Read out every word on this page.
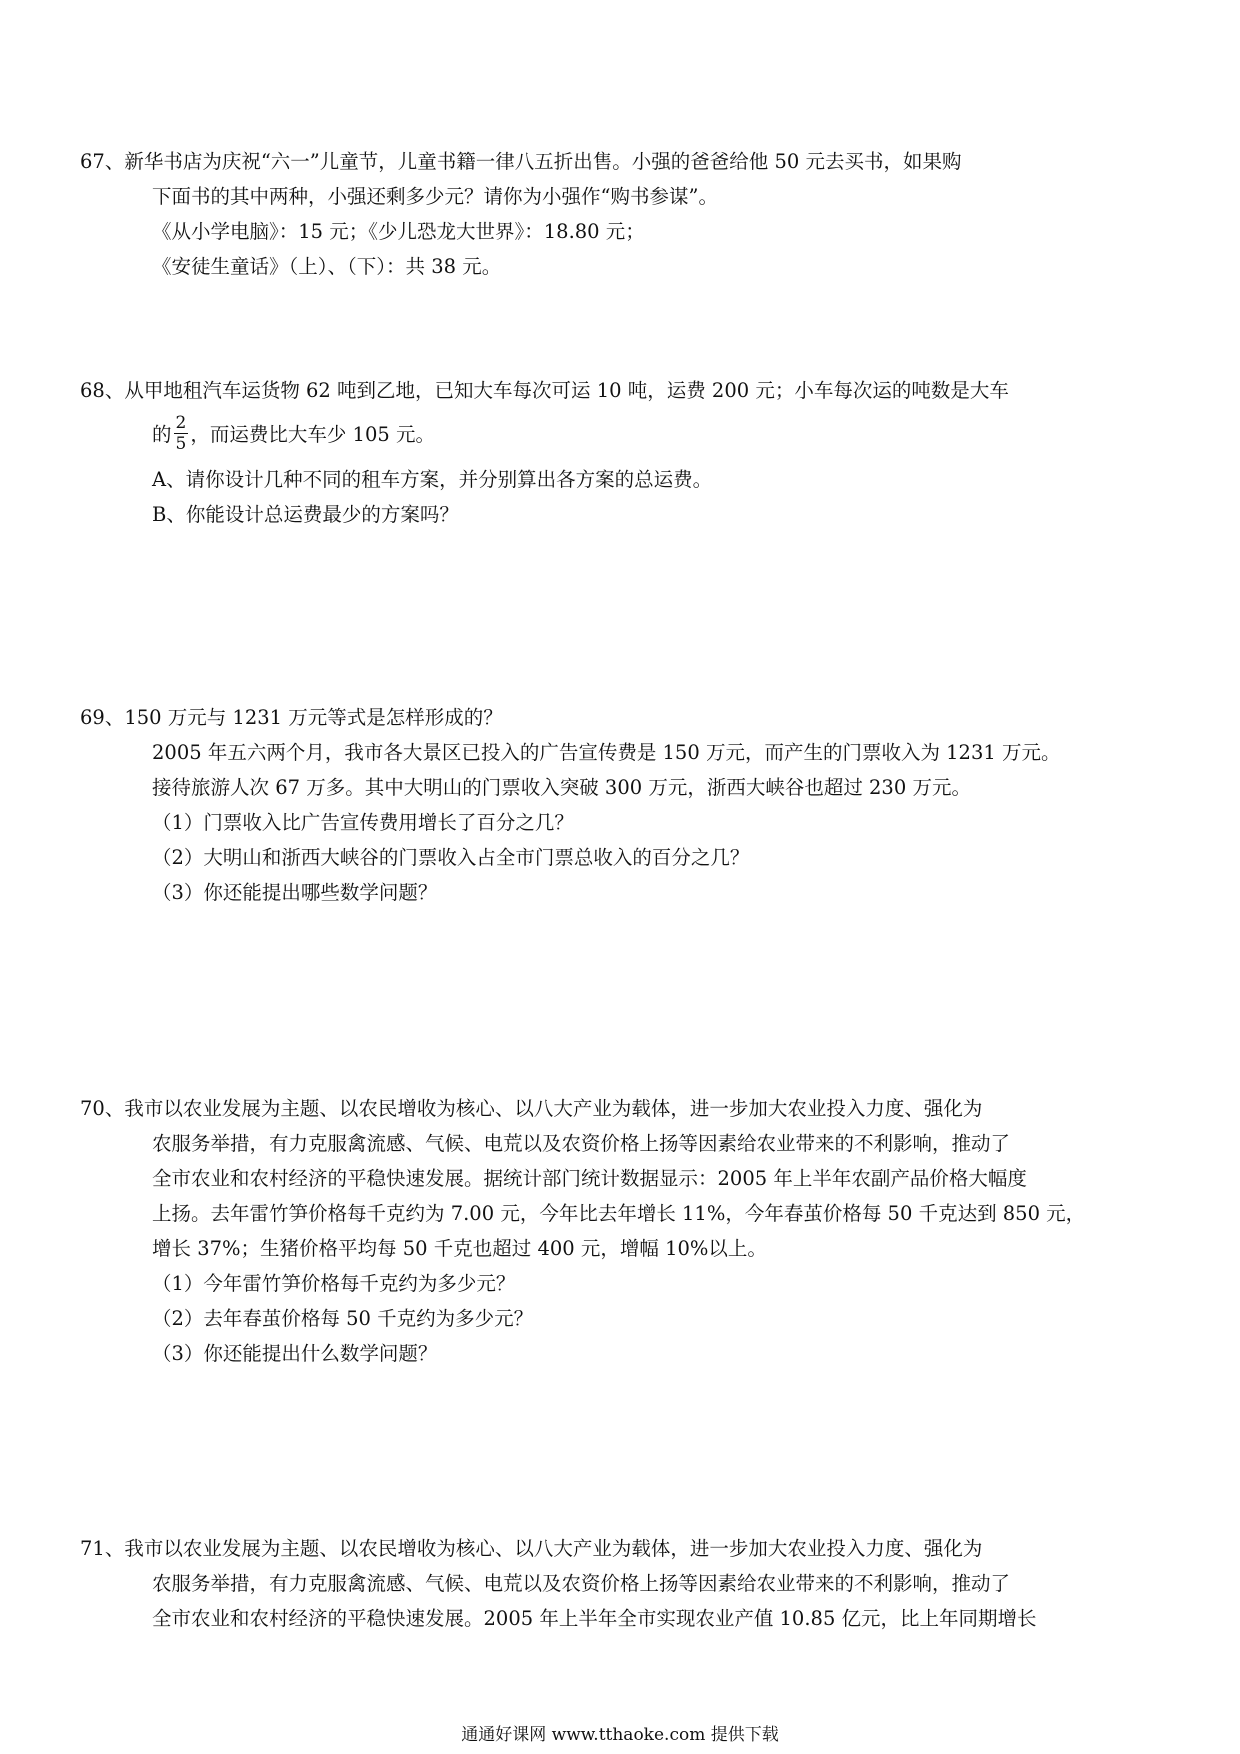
67、新华书店为庆祝“六一”儿童节，儿童书籍一律八五折出售。小强的爸爸给他 50 元去买书，如果购
下面书的其中两种，小强还剩多少元？请你为小强作“购书参谋”。
《从小学电脑》：15 元；《少儿恐龙大世界》：18.80 元；
《安徒生童话》（上）、（下）：共 38 元。
68、从甲地租汽车运货物 62 吨到乙地，已知大车每次可运 10 吨，运费 200 元；小车每次运的吨数是大车
的 $\frac{2}{5}$ ，而运费比大车少 105 元。
A、请你设计几种不同的租车方案，并分别算出各方案的总运费。
B、你能设计总运费最少的方案吗？
69、150 万元与 1231 万元等式是怎样形成的？
2005 年五六两个月，我市各大景区已投入的广告宣传费是 150 万元，而产生的门票收入为 1231 万元。
接待旅游人次 67 万多。其中大明山的门票收入突破 300 万元，浙西大峡谷也超过 230 万元。
（1）门票收入比广告宣传费用增长了百分之几？
（2）大明山和浙西大峡谷的门票收入占全市门票总收入的百分之几？
（3）你还能提出哪些数学问题？
70、我市以农业发展为主题、以农民增收为核心、以八大产业为载体，进一步加大农业投入力度、强化为
农服务举措，有力克服禽流感、气候、电荒以及农资价格上扬等因素给农业带来的不利影响，推动了
全市农业和农村经济的平稳快速发展。据统计部门统计数据显示：2005 年上半年农副产品价格大幅度
上扬。去年雷竹笋价格每千克约为 7.00 元，今年比去年增长 11%，今年春茧价格每 50 千克达到 850 元，
增长 37%；生猪价格平均每 50 千克也超过 400 元，增幅 10%以上。
（1）今年雷竹笋价格每千克约为多少元？
（2）去年春茧价格每 50 千克约为多少元？
（3）你还能提出什么数学问题？
71、我市以农业发展为主题、以农民增收为核心、以八大产业为载体，进一步加大农业投入力度、强化为
农服务举措，有力克服禽流感、气候、电荒以及农资价格上扬等因素给农业带来的不利影响，推动了
全市农业和农村经济的平稳快速发展。2005 年上半年全市实现农业产值 10.85 亿元，比上年同期增长
通通好课网 www.tthaoke.com 提供下载
